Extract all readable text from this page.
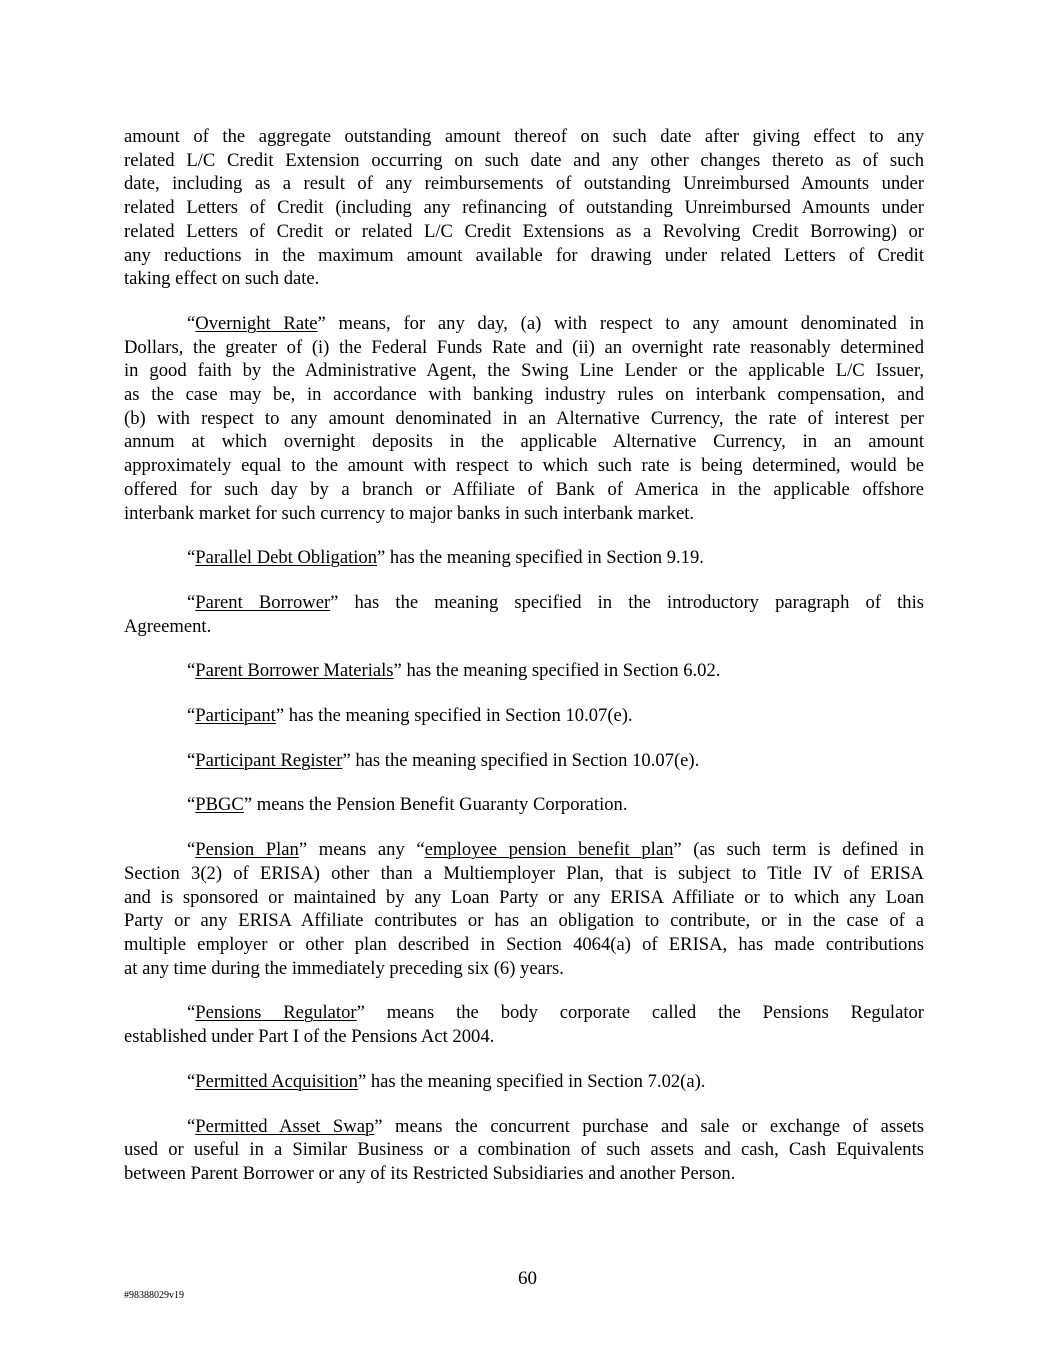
amount of the aggregate outstanding amount thereof on such date after giving effect to any
related L/C Credit Extension occurring on such date and any other changes thereto as of such
date, including as a result of any reimbursements of outstanding Unreimbursed Amounts under
related Letters of Credit (including any refinancing of outstanding Unreimbursed Amounts under
related Letters of Credit or related L/C Credit Extensions as a Revolving Credit Borrowing) or
any reductions in the maximum amount available for drawing under related Letters of Credit
taking effect on such date.
“Overnight Rate” means, for any day, (a) with respect to any amount denominated in
Dollars, the greater of (i) the Federal Funds Rate and (ii) an overnight rate reasonably determined
in good faith by the Administrative Agent, the Swing Line Lender or the applicable L/C Issuer,
as the case may be, in accordance with banking industry rules on interbank compensation, and
(b) with respect to any amount denominated in an Alternative Currency, the rate of interest per
annum at which overnight deposits in the applicable Alternative Currency, in an amount
approximately equal to the amount with respect to which such rate is being determined, would be
offered for such day by a branch or Affiliate of Bank of America in the applicable offshore
interbank market for such currency to major banks in such interbank market.
“Parallel Debt Obligation” has the meaning specified in Section 9.19.
“Parent Borrower” has the meaning specified in the introductory paragraph of this
Agreement.
“Parent Borrower Materials” has the meaning specified in Section 6.02.
“Participant” has the meaning specified in Section 10.07(e).
“Participant Register” has the meaning specified in Section 10.07(e).
“PBGC” means the Pension Benefit Guaranty Corporation.
“Pension Plan” means any “employee pension benefit plan” (as such term is defined in
Section 3(2) of ERISA) other than a Multiemployer Plan, that is subject to Title IV of ERISA
and is sponsored or maintained by any Loan Party or any ERISA Affiliate or to which any Loan
Party or any ERISA Affiliate contributes or has an obligation to contribute, or in the case of a
multiple employer or other plan described in Section 4064(a) of ERISA, has made contributions
at any time during the immediately preceding six (6) years.
“Pensions Regulator” means the body corporate called the Pensions Regulator
established under Part I of the Pensions Act 2004.
“Permitted Acquisition” has the meaning specified in Section 7.02(a).
“Permitted Asset Swap” means the concurrent purchase and sale or exchange of assets
used or useful in a Similar Business or a combination of such assets and cash, Cash Equivalents
between Parent Borrower or any of its Restricted Subsidiaries and another Person.
60
#98388029v19
